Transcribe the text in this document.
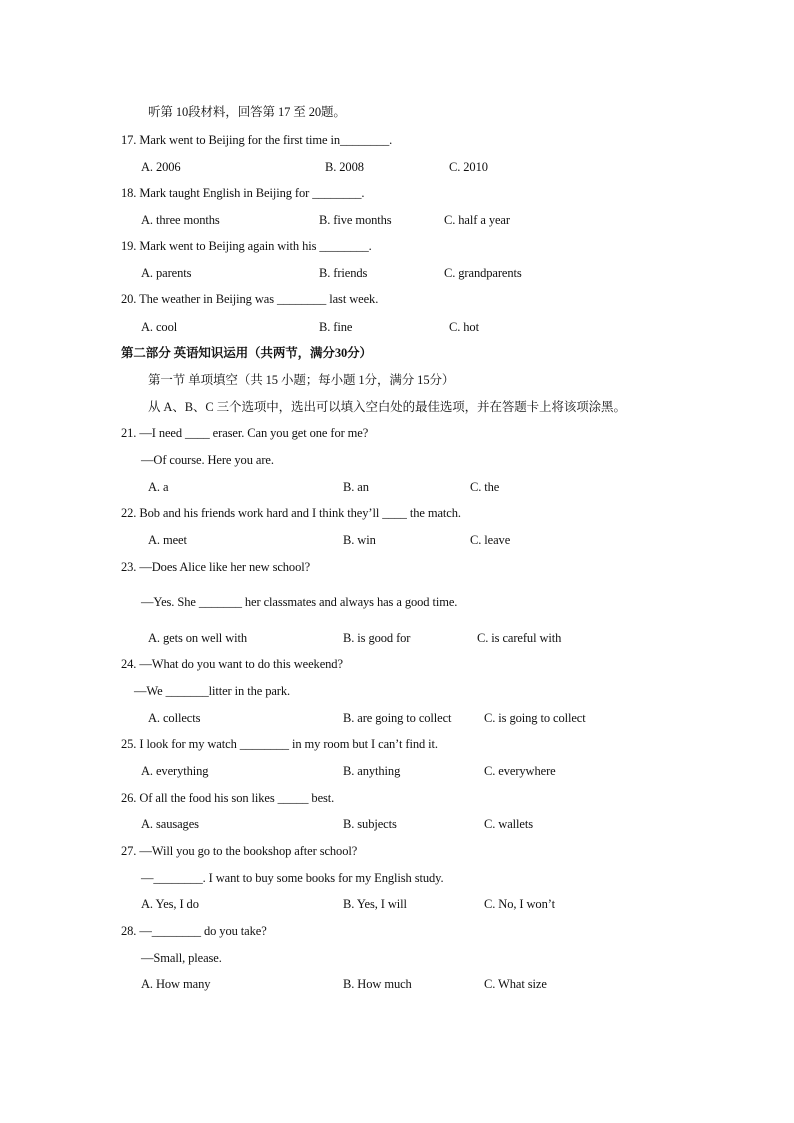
听第 10段材料，回答第 17 至 20题。
17. Mark went to Beijing for the first time in________.
A. 2006	B. 2008	C. 2010
18. Mark taught English in Beijing for ________.
A. three months	B. five months	C. half a year
19. Mark went to Beijing again with his ________.
A. parents	B. friends	C. grandparents
20. The weather in Beijing was ________ last week.
A. cool	B. fine	C. hot
第二部分 英语知识运用（共两节，满分30分）
第一节 单项填空（共 15 小题；每小题 1分，满分 15分）
从 A、B、C 三个选项中，选出可以填入空白处的最佳选项，并在答题卡上将该项涂黑。
21. —I need ____ eraser. Can you get one for me?
—Of course. Here you are.
A. a	B. an	C. the
22. Bob and his friends work hard and I think they’ll ____ the match.
A. meet	B. win	C. leave
23. —Does Alice like her new school?
—Yes. She _______ her classmates and always has a good time.
A. gets on well with	B. is good for	C. is careful with
24. —What do you want to do this weekend?
—We _______litter in the park.
A. collects	B. are going to collect	C. is going to collect
25. I look for my watch ________ in my room but I can’t find it.
A. everything	B. anything	C. everywhere
26. Of all the food his son likes _____ best.
A. sausages	B. subjects	C. wallets
27. —Will you go to the bookshop after school?
—________. I want to buy some books for my English study.
A. Yes, I do	B. Yes, I will	C. No, I won’t
28. —________ do you take?
—Small, please.
A. How many	B. How much	C. What size
